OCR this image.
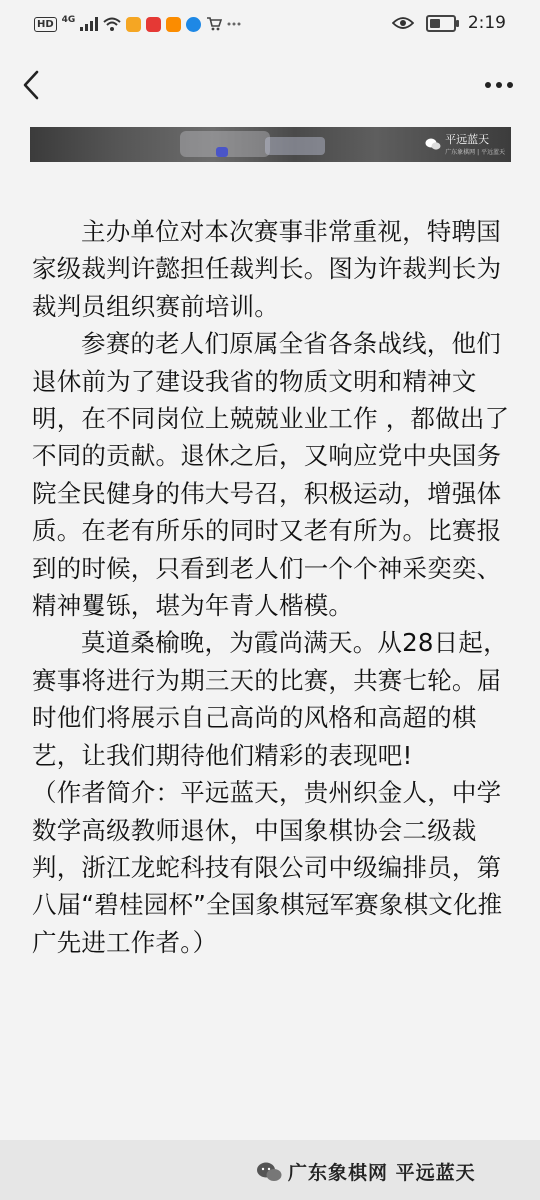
HD 4G	2:19
平远蓝天
广东象棋网 | 平远蓝天

主办单位对本次赛事非常重视，特聘国家级裁判许懿担任裁判长。图为许裁判长为裁判员组织赛前培训。

参赛的老人们原属全省各条战线，他们退休前为了建设我省的物质文明和精神文明，在不同岗位上兢兢业业工作 ，都做出了不同的贡献。退休之后，又响应党中央国务院全民健身的伟大号召，积极运动，增强体质。在老有所乐的同时又老有所为。比赛报到的时候，只看到老人们一个个神采奕奕、精神矍铄，堪为年青人楷模。

莫道桑榆晚，为霞尚满天。从28日起，赛事将进行为期三天的比赛，共赛七轮。届时他们将展示自己高尚的风格和高超的棋艺，让我们期待他们精彩的表现吧!

（作者简介：平远蓝天，贵州织金人，中学数学高级教师退休，中国象棋协会二级裁判，浙江龙蛇科技有限公司中级编排员，第八届“碧桂园杯”全国象棋冠军赛象棋文化推广先进工作者。）

广东象棋网 平远蓝天
